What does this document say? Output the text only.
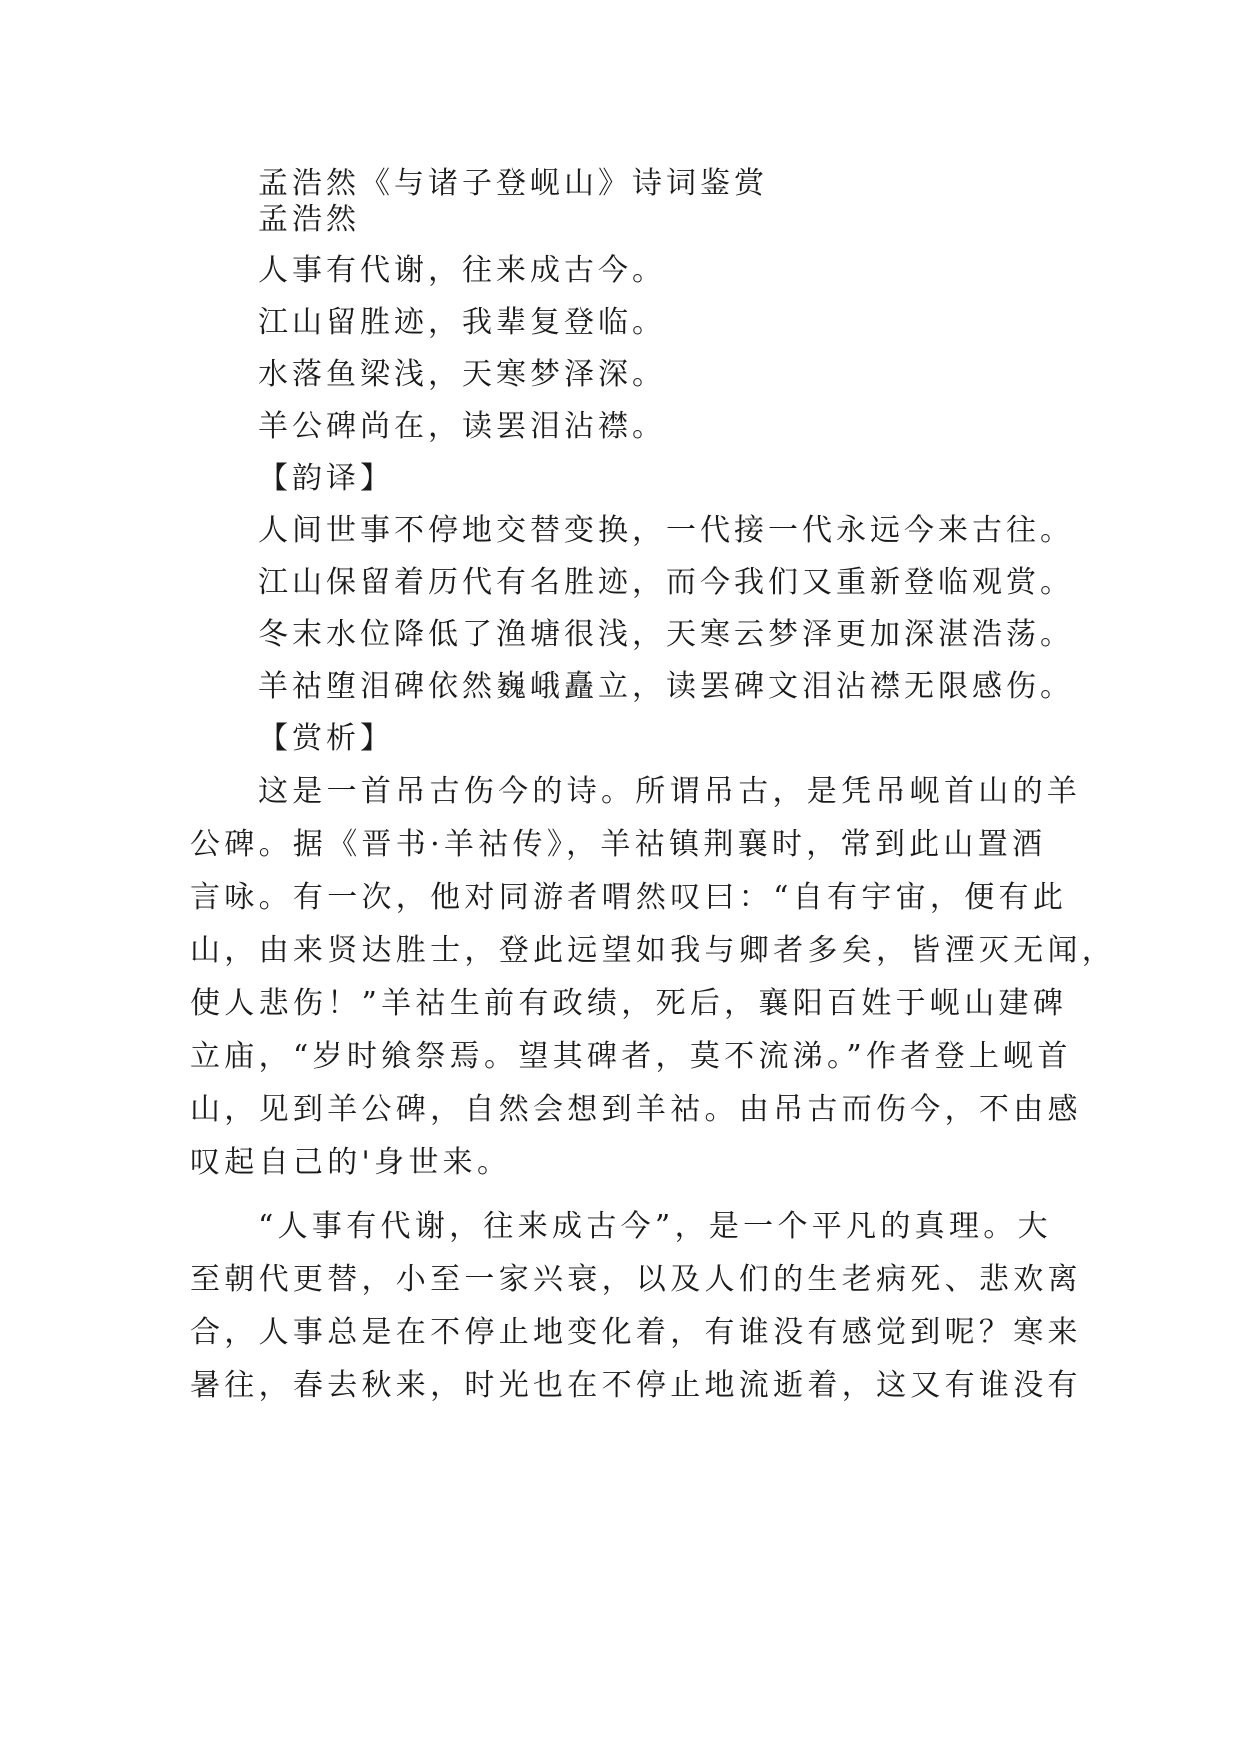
孟浩然《与诸子登岘山》诗词鉴赏
孟浩然
人事有代谢，往来成古今。
江山留胜迹，我辈复登临。
水落鱼梁浅，天寒梦泽深。
羊公碑尚在，读罢泪沾襟。
【韵译】
人间世事不停地交替变换，一代接一代永远今来古往。
江山保留着历代有名胜迹，而今我们又重新登临观赏。
冬末水位降低了渔塘很浅，天寒云梦泽更加深湛浩荡。
羊祜堕泪碑依然巍峨矗立，读罢碑文泪沾襟无限感伤。
【赏析】
这是一首吊古伤今的诗。所谓吊古，是凭吊岘首山的羊
公碑。据《晋书·羊祜传》，羊祜镇荆襄时，常到此山置酒
言咏。有一次，他对同游者喟然叹曰：“自有宇宙，便有此
山，由来贤达胜士，登此远望如我与卿者多矣，皆湮灭无闻，
使人悲伤！”羊祜生前有政绩，死后，襄阳百姓于岘山建碑
立庙，“岁时飨祭焉。望其碑者，莫不流涕。”作者登上岘首
山，见到羊公碑，自然会想到羊祜。由吊古而伤今，不由感
叹起自己的'身世来。
“人事有代谢，往来成古今”，是一个平凡的真理。大
至朝代更替，小至一家兴衰，以及人们的生老病死、悲欢离
合，人事总是在不停止地变化着，有谁没有感觉到呢？寒来
暑往，春去秋来，时光也在不停止地流逝着，这又有谁没有
